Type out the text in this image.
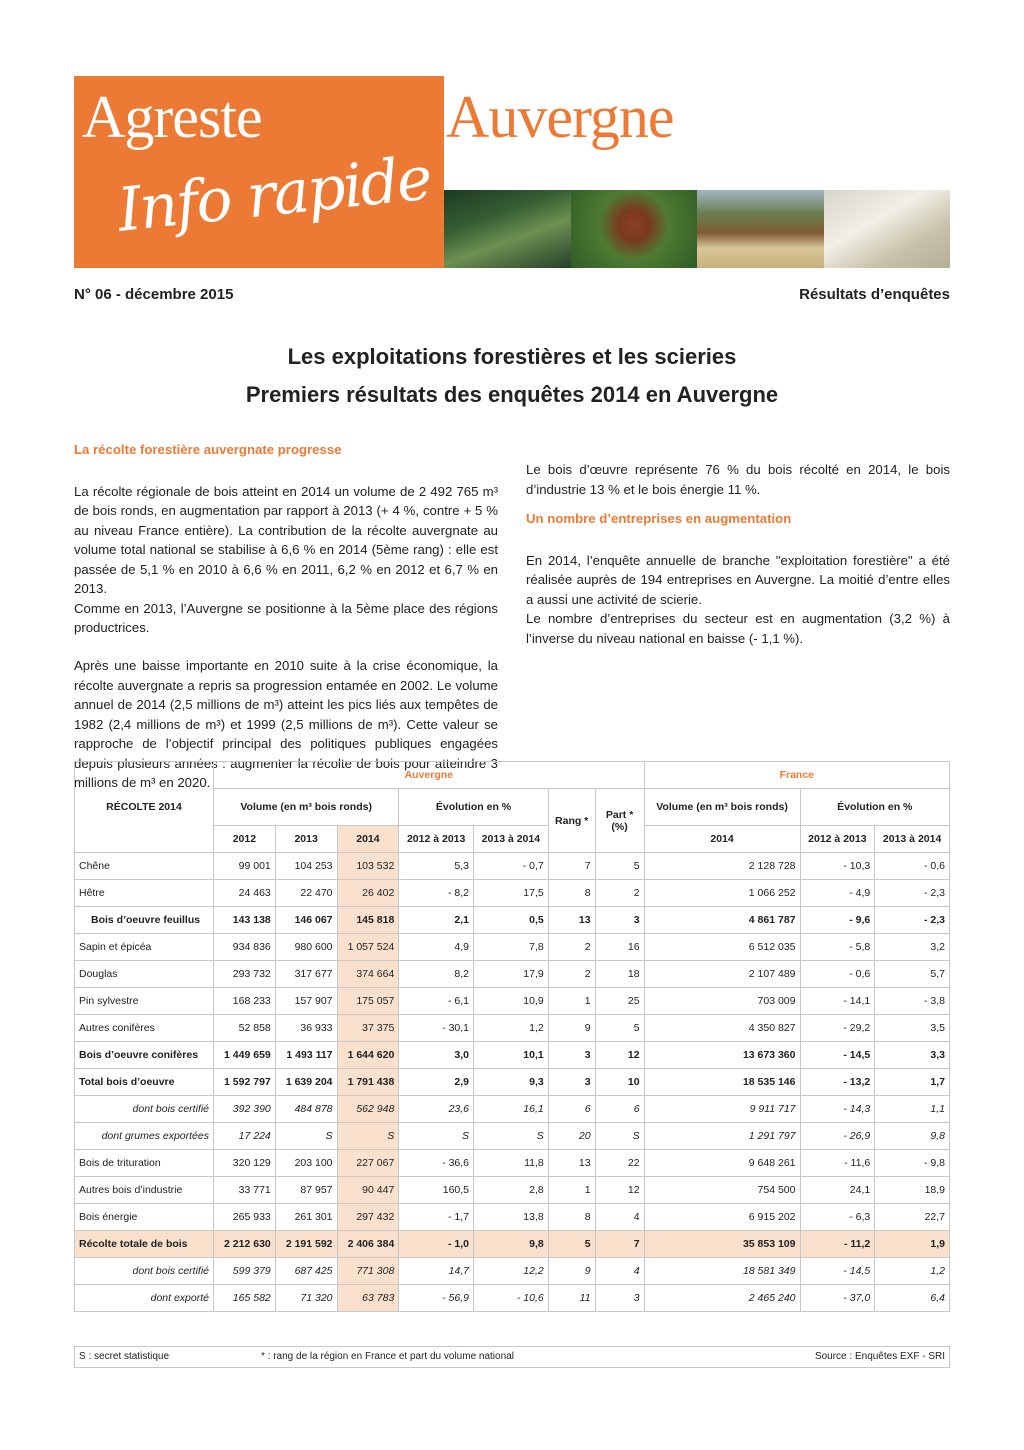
Agreste
Info rapide
Auvergne
N° 06 - décembre 2015	Résultats d’enquêtes
Les exploitations forestières et les scieries
Premiers résultats des enquêtes 2014 en Auvergne

La récolte forestière auvergnate progresse

La récolte régionale de bois atteint en 2014 un volume de 2 492 765 m³ de bois ronds, en augmentation par rapport à 2013 (+ 4 %, contre + 5 % au niveau France entière). La contribution de la récolte auvergnate au volume total national se stabilise à 6,6 % en 2014 (5ème rang) : elle est passée de 5,1 % en 2010 à 6,6 % en 2011, 6,2 % en 2012 et 6,7 % en 2013.

Comme en 2013, l’Auvergne se positionne à la 5ème place des régions productrices.

Après une baisse importante en 2010 suite à la crise économique, la récolte auvergnate a repris sa progression entamée en 2002. Le volume annuel de 2014 (2,5 millions de m³) atteint les pics liés aux tempêtes de 1982 (2,4 millions de m³) et 1999 (2,5 millions de m³). Cette valeur se rapproche de l’objectif principal des politiques publiques engagées depuis plusieurs années : augmenter la récolte de bois pour atteindre 3 millions de m³ en 2020.

Le bois d’œuvre représente 76 % du bois récolté en 2014, le bois d’industrie 13 % et le bois énergie 11 %.

Un nombre d’entreprises en augmentation

En 2014, l’enquête annuelle de branche "exploitation forestière" a été réalisée auprès de 194 entreprises en Auvergne. La moitié d’entre elles a aussi une activité de scierie.

Le nombre d’entreprises du secteur est en augmentation (3,2 %) à l’inverse du niveau national en baisse (- 1,1 %).

RÉCOLTE 2014	Auvergne							France		
	Volume (en m³ bois ronds)			Évolution en %		Rang *	Part * (%)	Volume (en m³ bois ronds)	Évolution en %	
	2012	2013	2014	2012 à 2013	2013 à 2014			2014	2012 à 2013	2013 à 2014
Chêne	99 001	104 253	103 532	5,3	- 0,7	7	5	2 128 728	- 10,3	- 0,6
Hêtre	24 463	22 470	26 402	- 8,2	17,5	8	2	1 066 252	- 4,9	- 2,3
Bois d’oeuvre feuillus	143 138	146 067	145 818	2,1	0,5	13	3	4 861 787	- 9,6	- 2,3
Sapin et épicéa	934 836	980 600	1 057 524	4,9	7,8	2	16	6 512 035	- 5,8	3,2
Douglas	293 732	317 677	374 664	8,2	17,9	2	18	2 107 489	- 0,6	5,7
Pin sylvestre	168 233	157 907	175 057	- 6,1	10,9	1	25	703 009	- 14,1	- 3,8
Autres conifères	52 858	36 933	37 375	- 30,1	1,2	9	5	4 350 827	- 29,2	3,5
Bois d’oeuvre conifères	1 449 659	1 493 117	1 644 620	3,0	10,1	3	12	13 673 360	- 14,5	3,3
Total bois d’oeuvre	1 592 797	1 639 204	1 791 438	2,9	9,3	3	10	18 535 146	- 13,2	1,7
dont bois certifié	392 390	484 878	562 948	23,6	16,1	6	6	9 911 717	- 14,3	1,1
dont grumes exportées	17 224	S	S	S	S	20	S	1 291 797	- 26,9	9,8
Bois de trituration	320 129	203 100	227 067	- 36,6	11,8	13	22	9 648 261	- 11,6	- 9,8
Autres bois d’industrie	33 771	87 957	90 447	160,5	2,8	1	12	754 500	24,1	18,9
Bois énergie	265 933	261 301	297 432	- 1,7	13,8	8	4	6 915 202	- 6,3	22,7
Récolte totale de bois	2 212 630	2 191 592	2 406 384	- 1,0	9,8	5	7	35 853 109	- 11,2	1,9
dont bois certifié	599 379	687 425	771 308	14,7	12,2	9	4	18 581 349	- 14,5	1,2
dont exporté	165 582	71 320	63 783	- 56,9	- 10,6	11	3	2 465 240	- 37,0	6,4
S : secret statistique	* : rang de la région en France et part du volume national	Source : Enquêtes EXF - SRI
